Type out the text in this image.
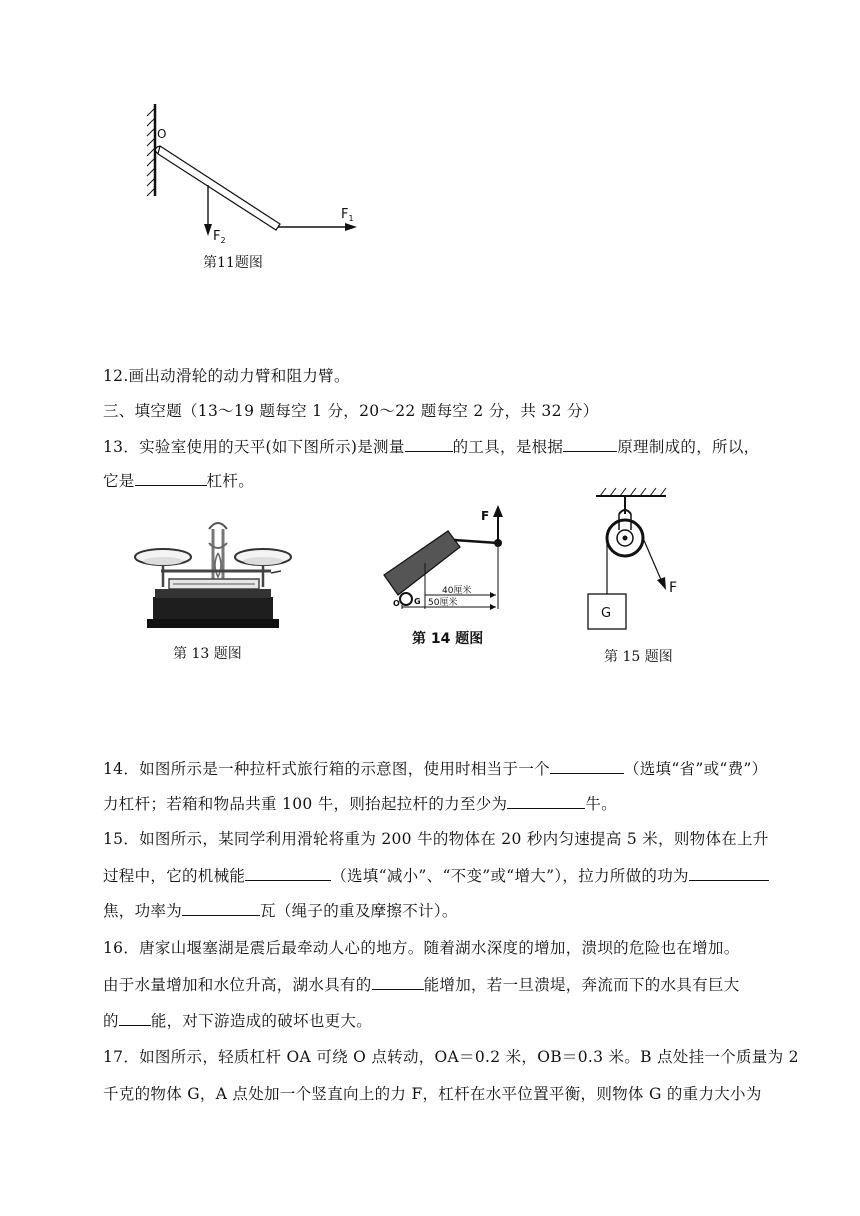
O
$F_1$
$F_2$
第11题图
12.画出动滑轮的动力臂和阻力臂。
三、填空题（13～19 题每空 1 分，20～22 题每空 2 分，共 32 分）
13．实验室使用的天平(如下图所示)是测量	的工具，是根据	原理制成的，所以，
它是	杠杆。
第 13 题图
F
40厘米
50厘米
O G
第 14 题图
F
G
第 15 题图
14．如图所示是一种拉杆式旅行箱的示意图，使用时相当于一个	（选填“省”或“费”）
力杠杆；若箱和物品共重 100 牛，则抬起拉杆的力至少为	牛。
15．如图所示，某同学利用滑轮将重为 200 牛的物体在 20 秒内匀速提高 5 米，则物体在上升
过程中，它的机械能	（选填“减小”、“不变”或“增大”），拉力所做的功为
焦，功率为	瓦（绳子的重及摩擦不计）。
16．唐家山堰塞湖是震后最牵动人心的地方。随着湖水深度的增加，溃坝的危险也在增加。
由于水量增加和水位升高，湖水具有的	能增加，若一旦溃堤，奔流而下的水具有巨大
的 能，对下游造成的破坏也更大。
17．如图所示，轻质杠杆 OA 可绕 O 点转动，OA＝0.2 米，OB＝0.3 米。B 点处挂一个质量为 2
千克的物体 G，A 点处加一个竖直向上的力 F，杠杆在水平位置平衡，则物体 G 的重力大小为
